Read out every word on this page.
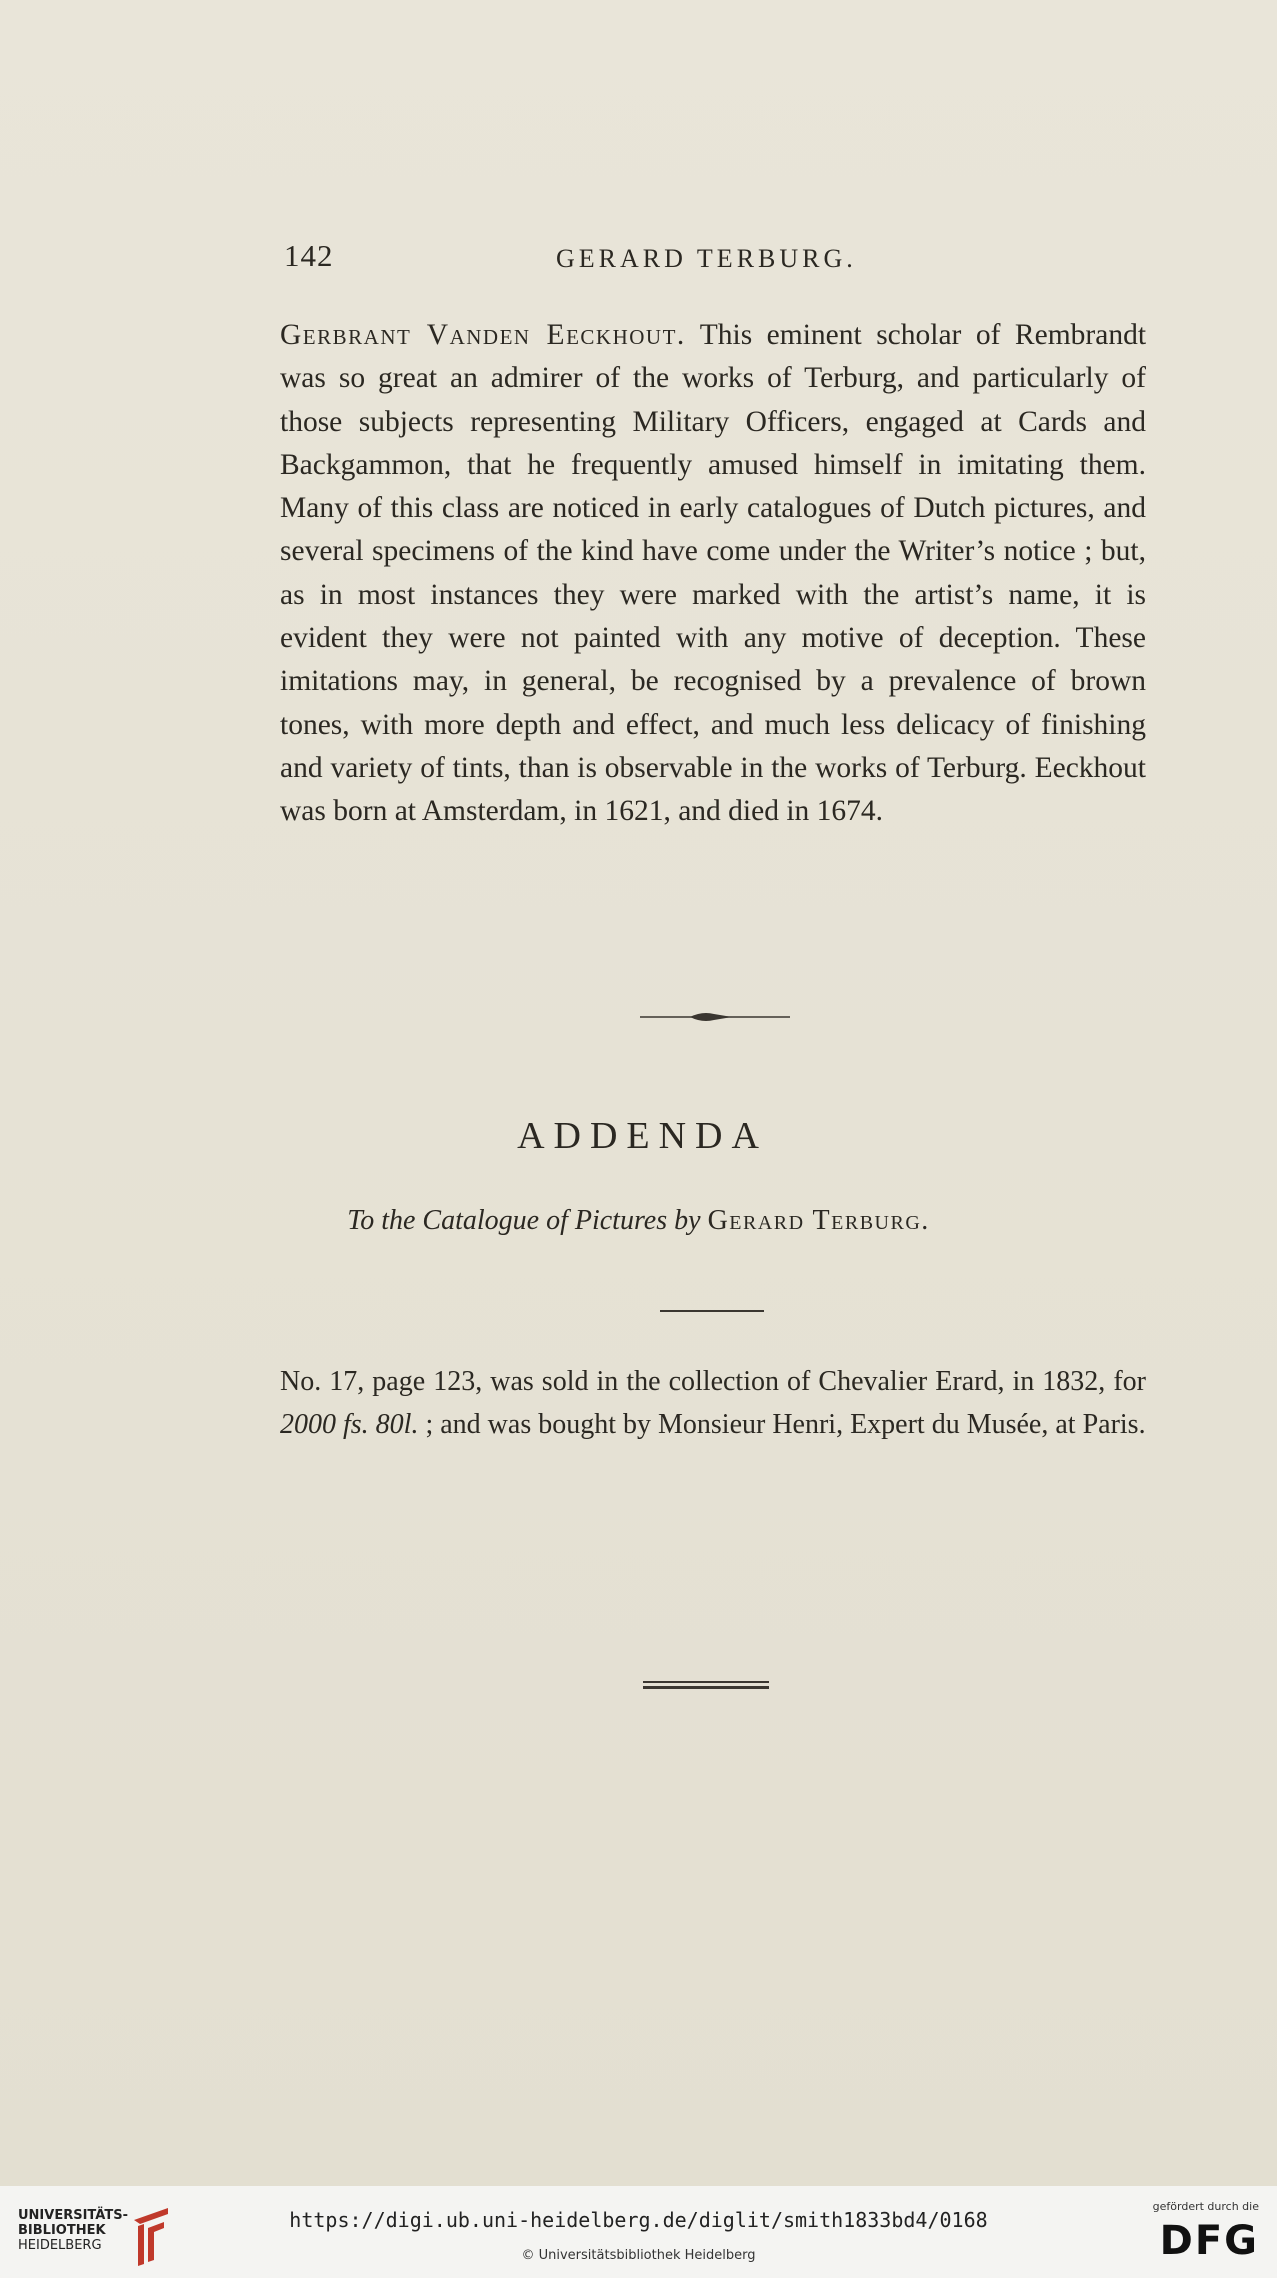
142	GERARD TERBURG.

Gerbrant Vanden Eeckhout. This eminent scholar of Rembrandt was so great an admirer of the works of Terburg, and particularly of those subjects representing Military Officers, engaged at Cards and Backgammon, that he frequently amused himself in imitating them. Many of this class are noticed in early catalogues of Dutch pictures, and several specimens of the kind have come under the Writer’s notice ; but, as in most instances they were marked with the artist’s name, it is evident they were not painted with any motive of deception. These imitations may, in general, be recognised by a prevalence of brown tones, with more depth and effect, and much less delicacy of finishing and variety of tints, than is observable in the works of Terburg. Eeckhout was born at Amsterdam, in 1621, and died in 1674.

ADDENDA
To the Catalogue of Pictures by Gerard Terburg.

No. 17, page 123, was sold in the collection of Chevalier Erard, in 1832, for 2000 fs. 80l. ; and was bought by Monsieur Henri, Expert du Musée, at Paris.

UNIVERSITÄTS-
BIBLIOTHEK
HEIDELBERG
https://digi.ub.uni-heidelberg.de/diglit/smith1833bd4/0168
© Universitätsbibliothek Heidelberg
gefördert durch die
DFG
